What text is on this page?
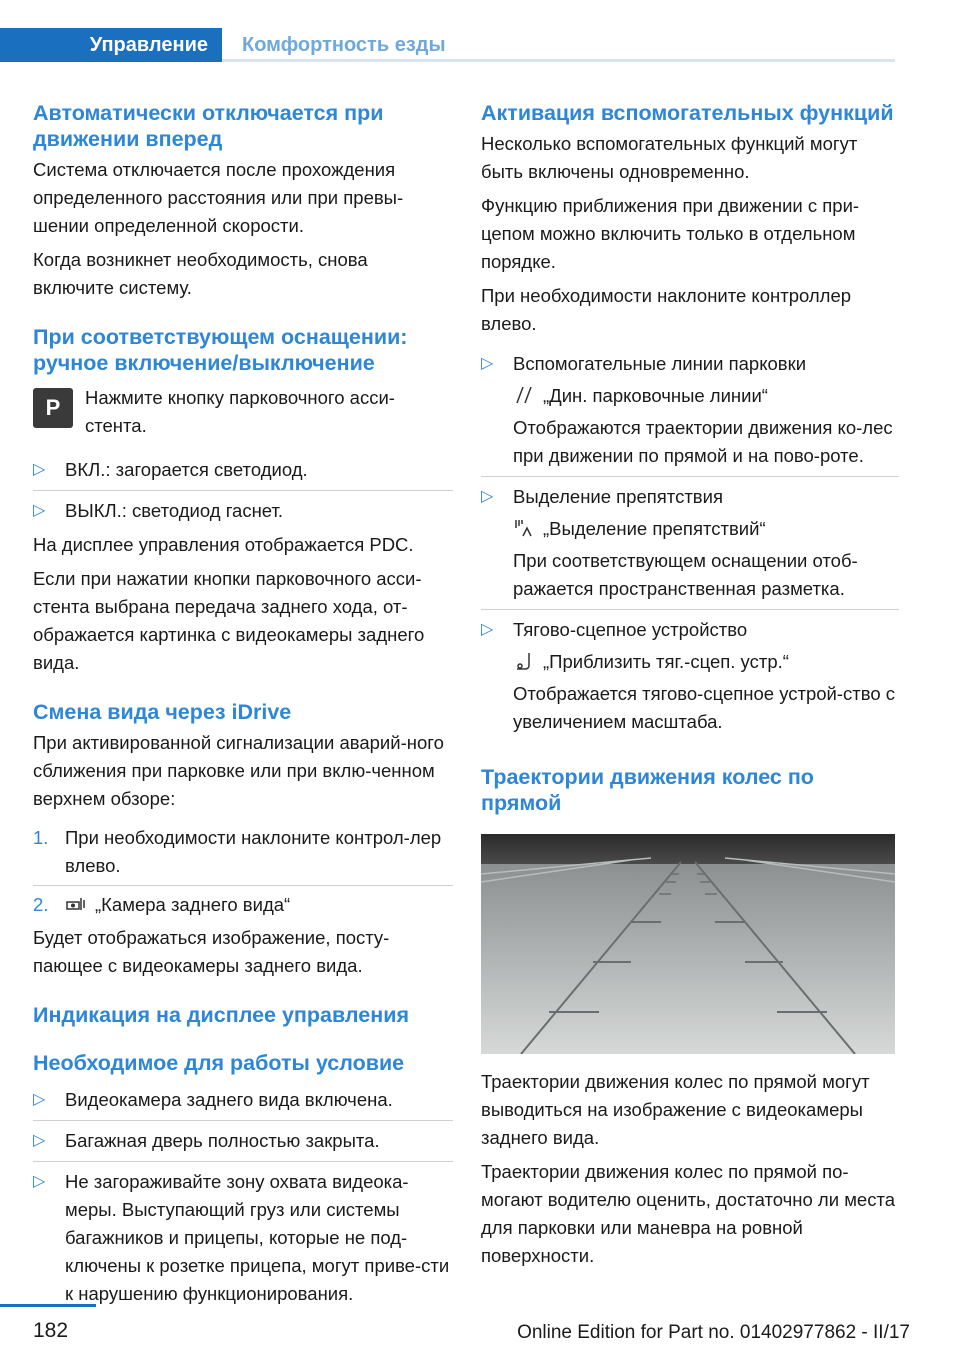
Управление	Комфортность езды
Автоматически отключается при движении вперед

Система отключается после прохождения определенного расстояния или при превы-шении определенной скорости.

Когда возникнет необходимость, снова включите систему.

При соответствующем оснащении: ручное включение/выключение
P	Нажмите кнопку парковочного асси-стента.

▷ ВКЛ.: загорается светодиод.
▷ ВЫКЛ.: светодиод гаснет.

На дисплее управления отображается PDC.

Если при нажатии кнопки парковочного асси-стента выбрана передача заднего хода, от-ображается картинка с видеокамеры заднего вида.

Смена вида через iDrive

При активированной сигнализации аварий-ного сближения при парковке или при вклю-ченном верхнем обзоре:

1. При необходимости наклоните контрол-лер влево.
2.	„Камера заднего вида“

Будет отображаться изображение, посту-пающее с видеокамеры заднего вида.

Индикация на дисплее управления
Необходимое для работы условие
▷ Видеокамера заднего вида включена.
▷ Багажная дверь полностью закрыта.
▷ Не загораживайте зону охвата видеока-меры. Выступающий груз или системы багажников и прицепы, которые не под-ключены к розетке прицепа, могут приве-сти к нарушению функционирования.
Активация вспомогательных функций

Несколько вспомогательных функций могут быть включены одновременно.

Функцию приближения при движении с при-цепом можно включить только в отдельном порядке.

При необходимости наклоните контроллер влево.

▷ Вспомогательные линии парковки
„Дин. парковочные линии“
Отображаются траектории движения ко-лес при движении по прямой и на пово-роте.
▷ Выделение препятствия
„Выделение препятствий“
При соответствующем оснащении отоб-ражается пространственная разметка.
▷ Тягово-сцепное устройство
„Приблизить тяг.-сцеп. устр.“
Отображается тягово-сцепное устрой-ство с увеличением масштаба.
Траектории движения колес по прямой

Траектории движения колес по прямой могут выводиться на изображение с видеокамеры заднего вида.

Траектории движения колес по прямой по-могают водителю оценить, достаточно ли места для парковки или маневра на ровной поверхности.

182	Online Edition for Part no. 01402977862 - II/17
